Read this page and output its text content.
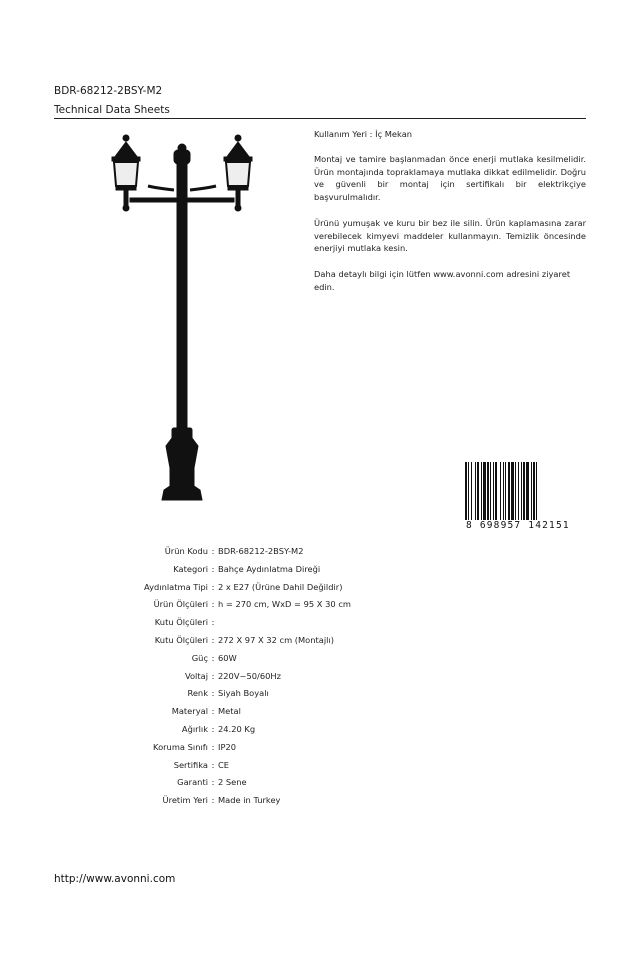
BDR-68212-2BSY-M2
Technical Data Sheets

Kullanım Yeri : İç Mekan

Montaj ve tamire başlanmadan önce enerji mutlaka kesilmelidir. Ürün montajında topraklamaya mutlaka dikkat edilmelidir. Doğru ve güvenli bir montaj için sertifikalı bir elektrikçiye başvurulmalıdır.

Ürünü yumuşak ve kuru bir bez ile silin. Ürün kaplamasına zarar verebilecek kimyevi maddeler kullanmayın. Temizlik öncesinde enerjiyi mutlaka kesin.

Daha detaylı bilgi için lütfen www.avonni.com adresini ziyaret edin.

8 698957 142151
Ürün Kodu : BDR-68212-2BSY-M2
Kategori : Bahçe Aydınlatma Direği
Aydınlatma Tipi : 2 x E27 (Ürüne Dahil Değildir)
Ürün Ölçüleri : h = 270 cm, WxD = 95 X 30 cm
Kutu Ölçüleri :
Kutu Ölçüleri : 272 X 97 X 32 cm (Montajlı)
Güç : 60W
Voltaj : 220V~50/60Hz
Renk : Siyah Boyalı
Materyal : Metal
Ağırlık : 24.20 Kg
Koruma Sınıfı : IP20
Sertifika : CE
Garanti : 2 Sene
Üretim Yeri : Made in Turkey
http://www.avonni.com
